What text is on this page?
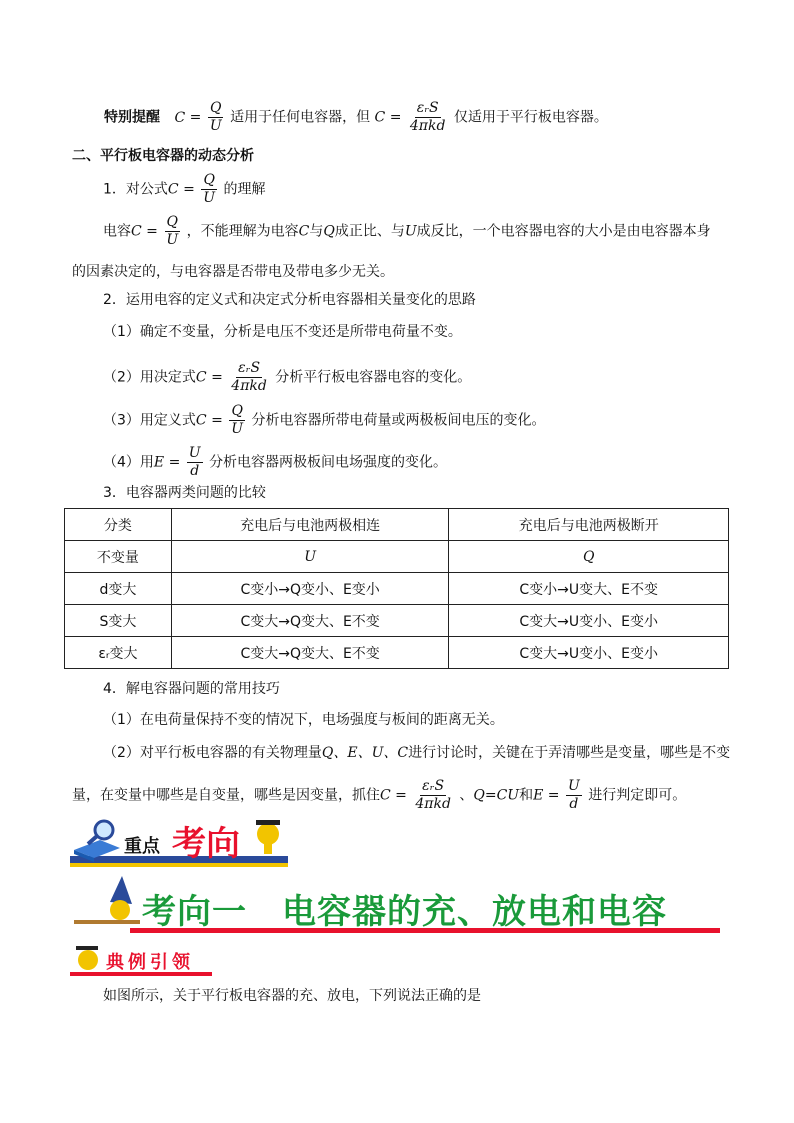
特别提醒 $C = \frac{Q}{U}$ 适用于任何电容器，但 $C = \frac{\text{εᵣS}}{\text{4πkd}}$ 仅适用于平行板电容器。
二、平行板电容器的动态分析
1．对公式$C = \frac{Q}{U}$ 的理解
电容$C = \frac{Q}{U}$ ，不能理解为电容C与Q成正比、与U成反比，一个电容器电容的大小是由电容器本身
的因素决定的，与电容器是否带电及带电多少无关。
2．运用电容的定义式和决定式分析电容器相关量变化的思路
（1）确定不变量，分析是电压不变还是所带电荷量不变。
（2）用决定式$C = \frac{\text{εᵣS}}{\text{4πkd}}$ 分析平行板电容器电容的变化。
（3）用定义式$C = \frac{Q}{U}$ 分析电容器所带电荷量或两极板间电压的变化。
（4）用$E = \frac{U}{d}$ 分析电容器两极板间电场强度的变化。
3．电容器两类问题的比较
分类	充电后与电池两极相连	充电后与电池两极断开
不变量	U	Q
d变大	C变小→Q变小、E变小	C变小→U变大、E不变
S变大	C变大→Q变大、E不变	C变大→U变小、E变小
εᵣ变大	C变大→Q变大、E不变	C变大→U变小、E变小
4．解电容器问题的常用技巧
（1）在电荷量保持不变的情况下，电场强度与板间的距离无关。
（2）对平行板电容器的有关物理量Q、E、U、C进行讨论时，关键在于弄清哪些是变量，哪些是不变
量，在变量中哪些是自变量，哪些是因变量，抓住$C = \frac{\text{εᵣS}}{\text{4πkd}}$ 、Q=CU和$E = \frac{U}{d}$ 进行判定即可。
重点 考向
考向一　电容器的充、放电和电容
典例引领
如图所示，关于平行板电容器的充、放电，下列说法正确的是
